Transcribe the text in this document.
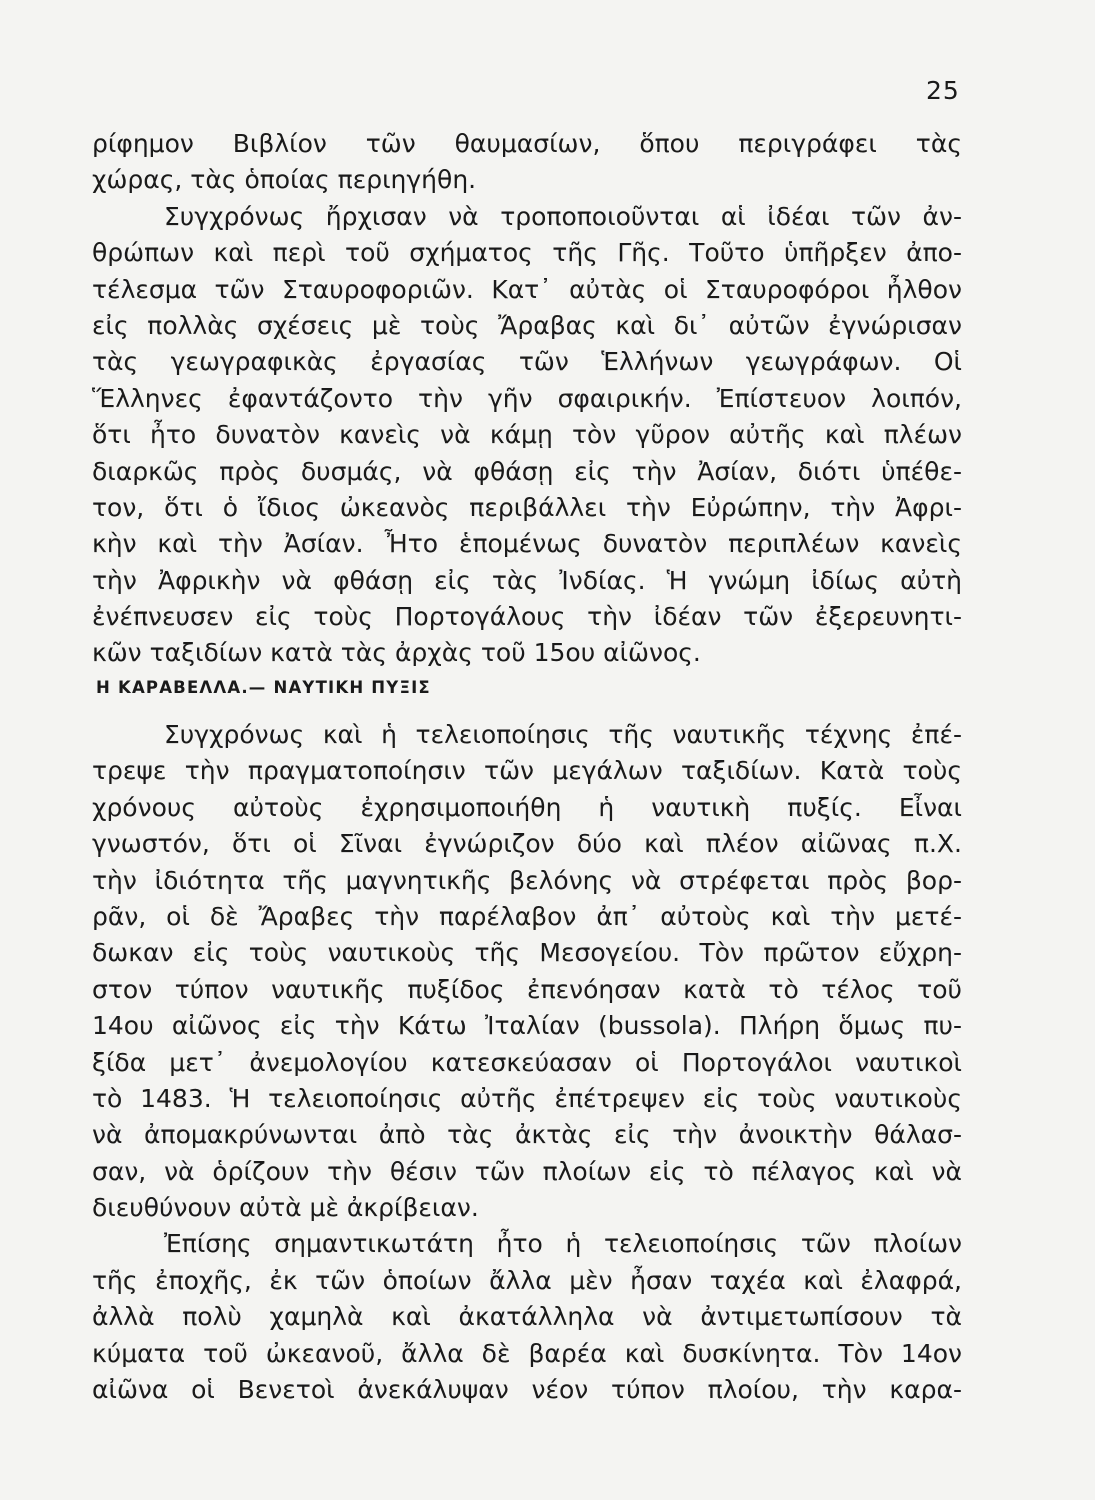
25
ρίφημον Βιβλίον τῶν θαυμασίων, ὅπου περιγράφει τὰς
χώρας, τὰς ὁποίας περιηγήθη.
Συγχρόνως ἤρχισαν νὰ τροποποιοῦνται αἱ ἰδέαι τῶν ἀν-
θρώπων καὶ περὶ τοῦ σχήματος τῆς Γῆς. Τοῦτο ὑπῆρξεν ἀπο-
τέλεσμα τῶν Σταυροφοριῶν. Κατ᾽ αὐτὰς οἱ Σταυροφόροι ἦλθον
εἰς πολλὰς σχέσεις μὲ τοὺς Ἄραβας καὶ δι᾽ αὐτῶν ἐγνώρισαν
τὰς γεωγραφικὰς ἐργασίας τῶν Ἑλλήνων γεωγράφων. Οἱ
Ἕλληνες ἐφαντάζοντο τὴν γῆν σφαιρικήν. Ἐπίστευον λοιπόν,
ὅτι ἦτο δυνατὸν κανεὶς νὰ κάμῃ τὸν γῦρον αὐτῆς καὶ πλέων
διαρκῶς πρὸς δυσμάς, νὰ φθάσῃ εἰς τὴν Ἀσίαν, διότι ὑπέθε-
τον, ὅτι ὁ ἴδιος ὠκεανὸς περιβάλλει τὴν Εὐρώπην, τὴν Ἀφρι-
κὴν καὶ τὴν Ἀσίαν. Ἦτο ἑπομένως δυνατὸν περιπλέων κανεὶς
τὴν Ἀφρικὴν νὰ φθάσῃ εἰς τὰς Ἰνδίας. Ἡ γνώμη ἰδίως αὐτὴ
ἐνέπνευσεν εἰς τοὺς Πορτογάλους τὴν ἰδέαν τῶν ἐξερευνητι-
κῶν ταξιδίων κατὰ τὰς ἀρχὰς τοῦ 15ου αἰῶνος.
Η ΚΑΡΑΒΕΛΛΑ.— ΝΑΥΤΙΚΗ ΠΥΞΙΣ
Συγχρόνως καὶ ἡ τελειοποίησις τῆς ναυτικῆς τέχνης ἐπέ-
τρεψε τὴν πραγματοποίησιν τῶν μεγάλων ταξιδίων. Κατὰ τοὺς
χρόνους αὐτοὺς ἐχρησιμοποιήθη ἡ ναυτικὴ πυξίς. Εἶναι
γνωστόν, ὅτι οἱ Σῖναι ἐγνώριζον δύο καὶ πλέον αἰῶνας π.Χ.
τὴν ἰδιότητα τῆς μαγνητικῆς βελόνης νὰ στρέφεται πρὸς βορ-
ρᾶν, οἱ δὲ Ἄραβες τὴν παρέλαβον ἀπ᾽ αὐτοὺς καὶ τὴν μετέ-
δωκαν εἰς τοὺς ναυτικοὺς τῆς Μεσογείου. Τὸν πρῶτον εὔχρη-
στον τύπον ναυτικῆς πυξίδος ἐπενόησαν κατὰ τὸ τέλος τοῦ
14ου αἰῶνος εἰς τὴν Κάτω Ἰταλίαν (bussola). Πλήρη ὅμως πυ-
ξίδα μετ᾽ ἀνεμολογίου κατεσκεύασαν οἱ Πορτογάλοι ναυτικοὶ
τὸ 1483. Ἡ τελειοποίησις αὐτῆς ἐπέτρεψεν εἰς τοὺς ναυτικοὺς
νὰ ἀπομακρύνωνται ἀπὸ τὰς ἀκτὰς εἰς τὴν ἀνοικτὴν θάλασ-
σαν, νὰ ὁρίζουν τὴν θέσιν τῶν πλοίων εἰς τὸ πέλαγος καὶ νὰ
διευθύνουν αὐτὰ μὲ ἀκρίβειαν.
Ἐπίσης σημαντικωτάτη ἦτο ἡ τελειοποίησις τῶν πλοίων
τῆς ἐποχῆς, ἐκ τῶν ὁποίων ἄλλα μὲν ἦσαν ταχέα καὶ ἐλαφρά,
ἀλλὰ πολὺ χαμηλὰ καὶ ἀκατάλληλα νὰ ἀντιμετωπίσουν τὰ
κύματα τοῦ ὠκεανοῦ, ἄλλα δὲ βαρέα καὶ δυσκίνητα. Τὸν 14ον
αἰῶνα οἱ Βενετοὶ ἀνεκάλυψαν νέον τύπον πλοίου, τὴν καρα-
